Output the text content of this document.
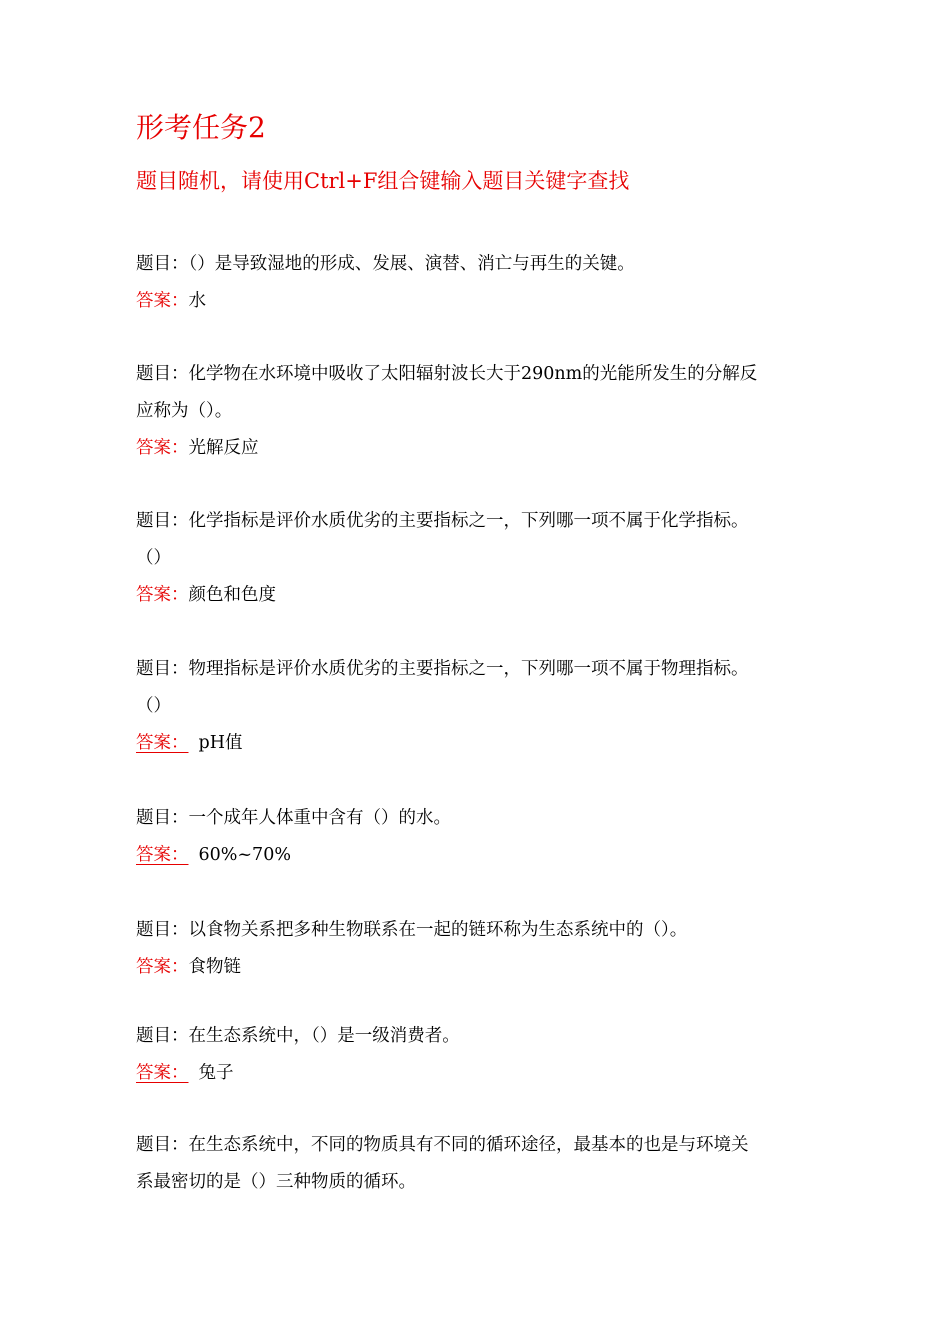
形考任务2
题目随机，请使用Ctrl+F组合键输入题目关键字查找
题目：（）是导致湿地的形成、发展、演替、消亡与再生的关键。
答案：水
题目：化学物在水环境中吸收了太阳辐射波长大于290nm的光能所发生的分解反
应称为（）。
答案：光解反应
题目：化学指标是评价水质优劣的主要指标之一，下列哪一项不属于化学指标。
（）
答案：颜色和色度
题目：物理指标是评价水质优劣的主要指标之一，下列哪一项不属于物理指标。
（）
答案： pH值
题目：一个成年人体重中含有（）的水。
答案： 60%~70%
题目：以食物关系把多种生物联系在一起的链环称为生态系统中的（）。
答案：食物链
题目：在生态系统中，（）是一级消费者。
答案： 兔子
题目：在生态系统中，不同的物质具有不同的循环途径，最基本的也是与环境关
系最密切的是（）三种物质的循环。
